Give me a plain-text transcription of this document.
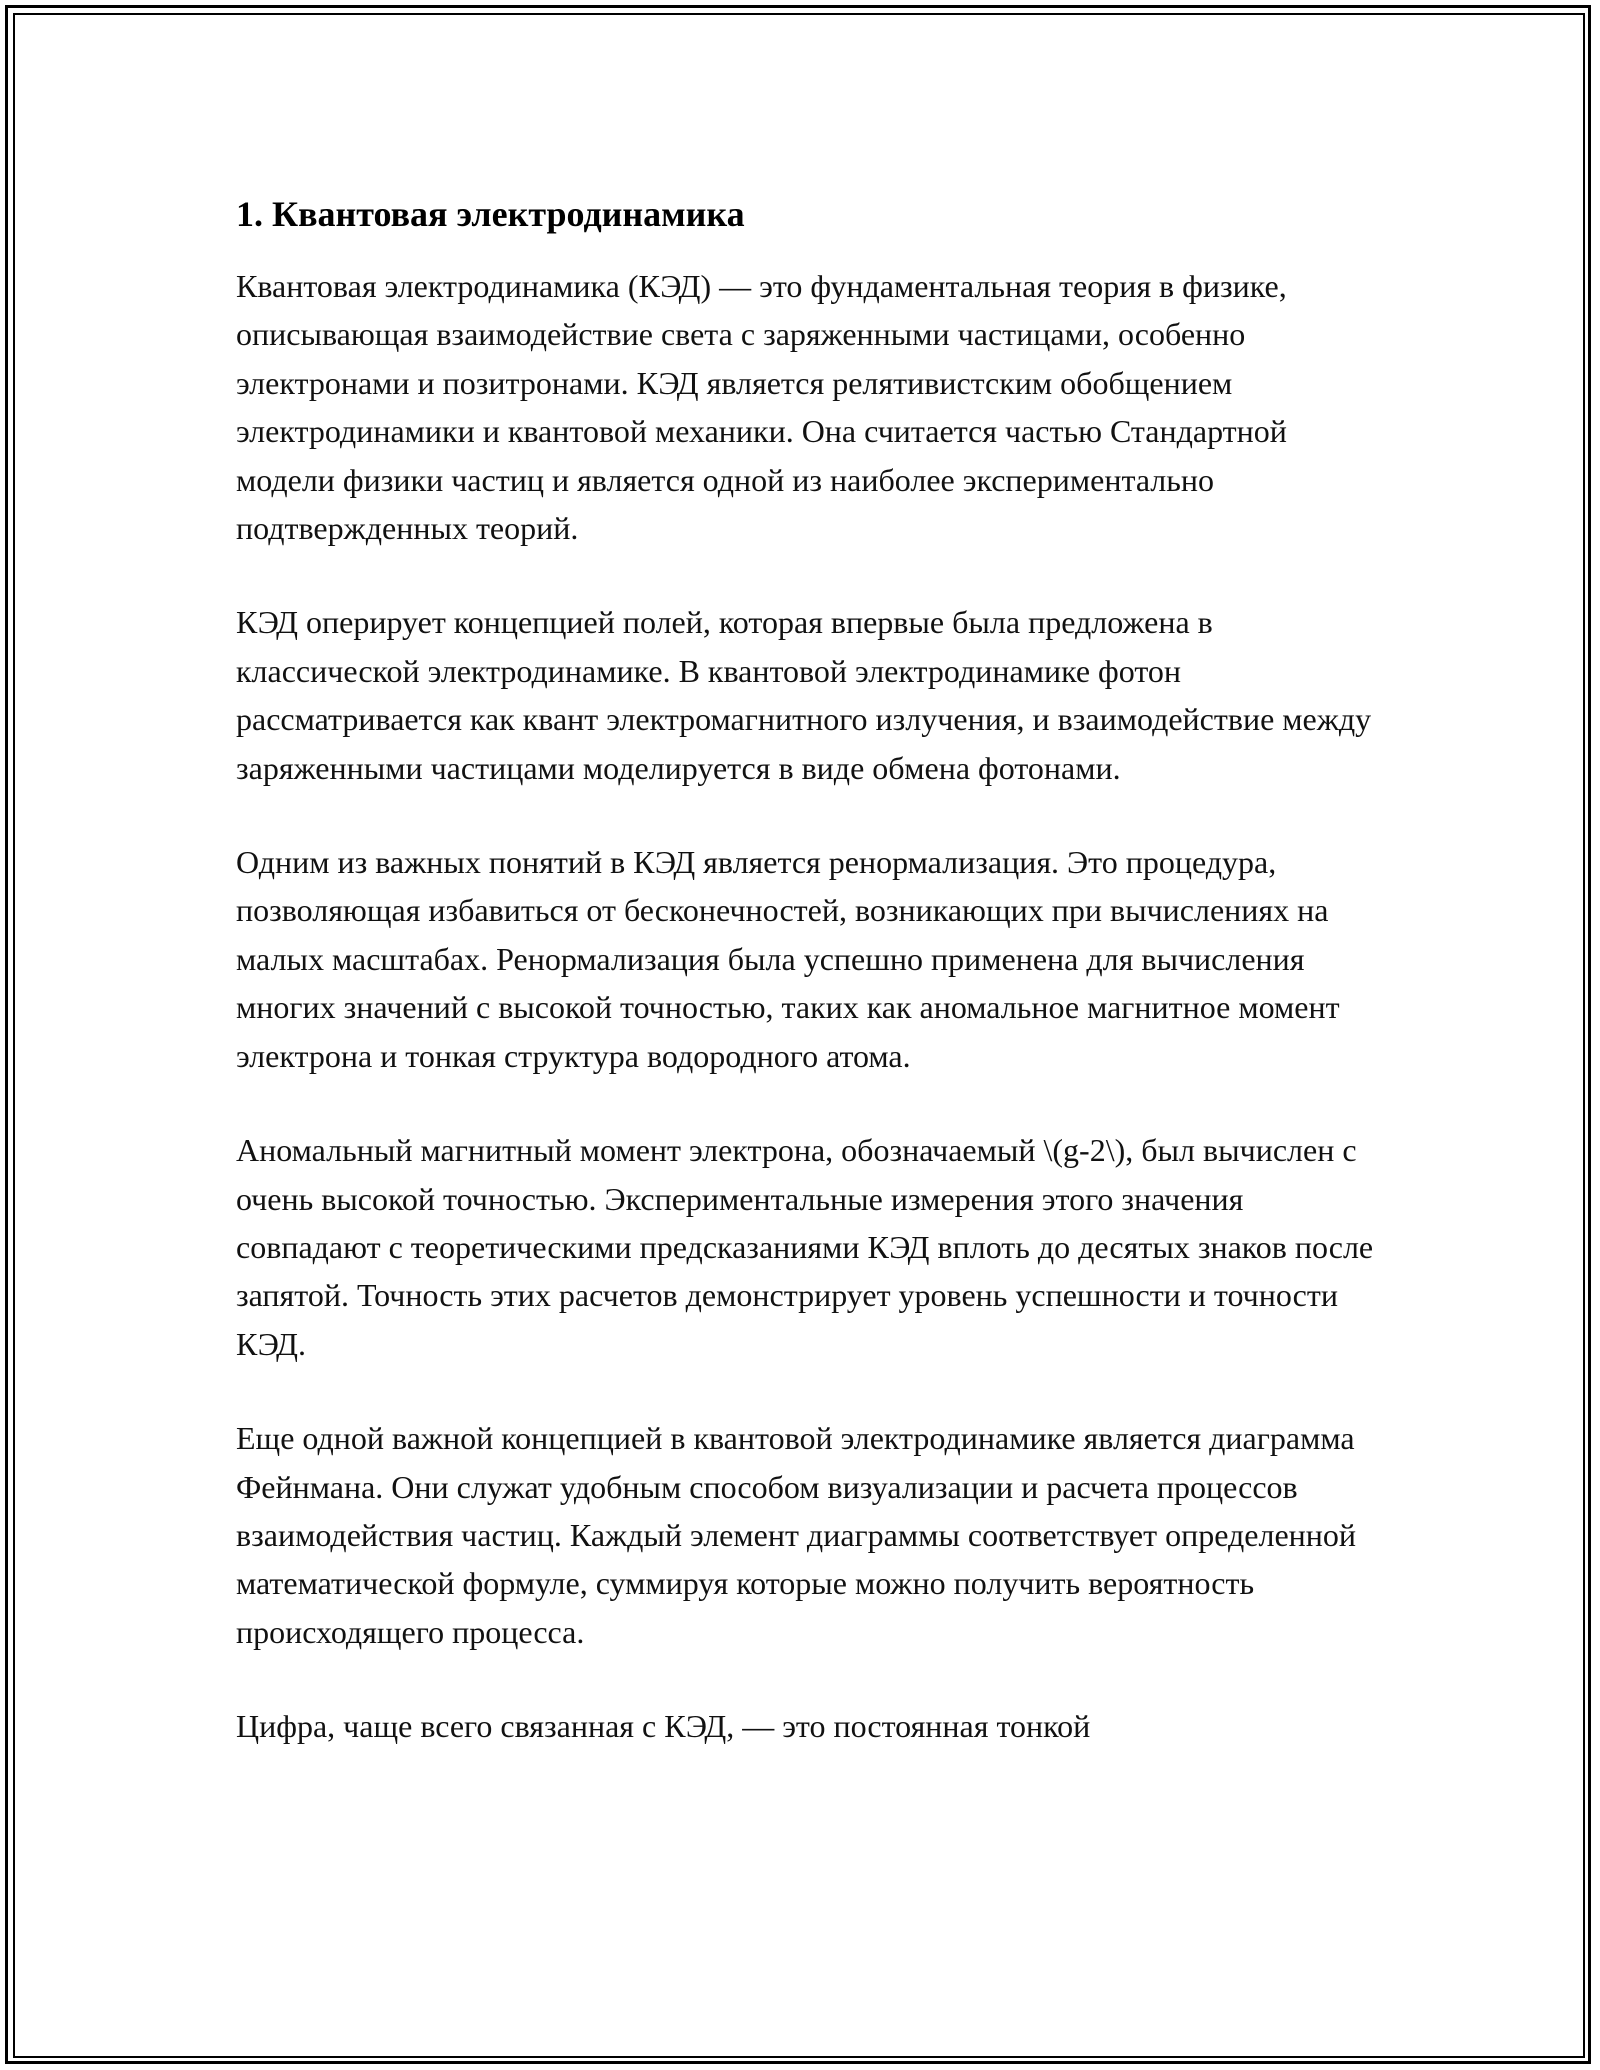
1. Квантовая электродинамика

Квантовая электродинамика (КЭД) — это фундаментальная теория в физике, описывающая взаимодействие света с заряженными частицами, особенно электронами и позитронами. КЭД является релятивистским обобщением электродинамики и квантовой механики. Она считается частью Стандартной модели физики частиц и является одной из наиболее экспериментально подтвержденных теорий.

КЭД оперирует концепцией полей, которая впервые была предложена в классической электродинамике. В квантовой электродинамике фотон рассматривается как квант электромагнитного излучения, и взаимодействие между заряженными частицами моделируется в виде обмена фотонами.

Одним из важных понятий в КЭД является ренормализация. Это процедура, позволяющая избавиться от бесконечностей, возникающих при вычислениях на малых масштабах. Ренормализация была успешно применена для вычисления многих значений с высокой точностью, таких как аномальное магнитное момент электрона и тонкая структура водородного атома.

Аномальный магнитный момент электрона, обозначаемый \(g-2\), был вычислен с очень высокой точностью. Экспериментальные измерения этого значения совпадают с теоретическими предсказаниями КЭД вплоть до десятых знаков после запятой. Точность этих расчетов демонстрирует уровень успешности и точности КЭД.

Еще одной важной концепцией в квантовой электродинамике является диаграмма Фейнмана. Они служат удобным способом визуализации и расчета процессов взаимодействия частиц. Каждый элемент диаграммы соответствует определенной математической формуле, суммируя которые можно получить вероятность происходящего процесса.

Цифра, чаще всего связанная с КЭД, — это постоянная тонкой
